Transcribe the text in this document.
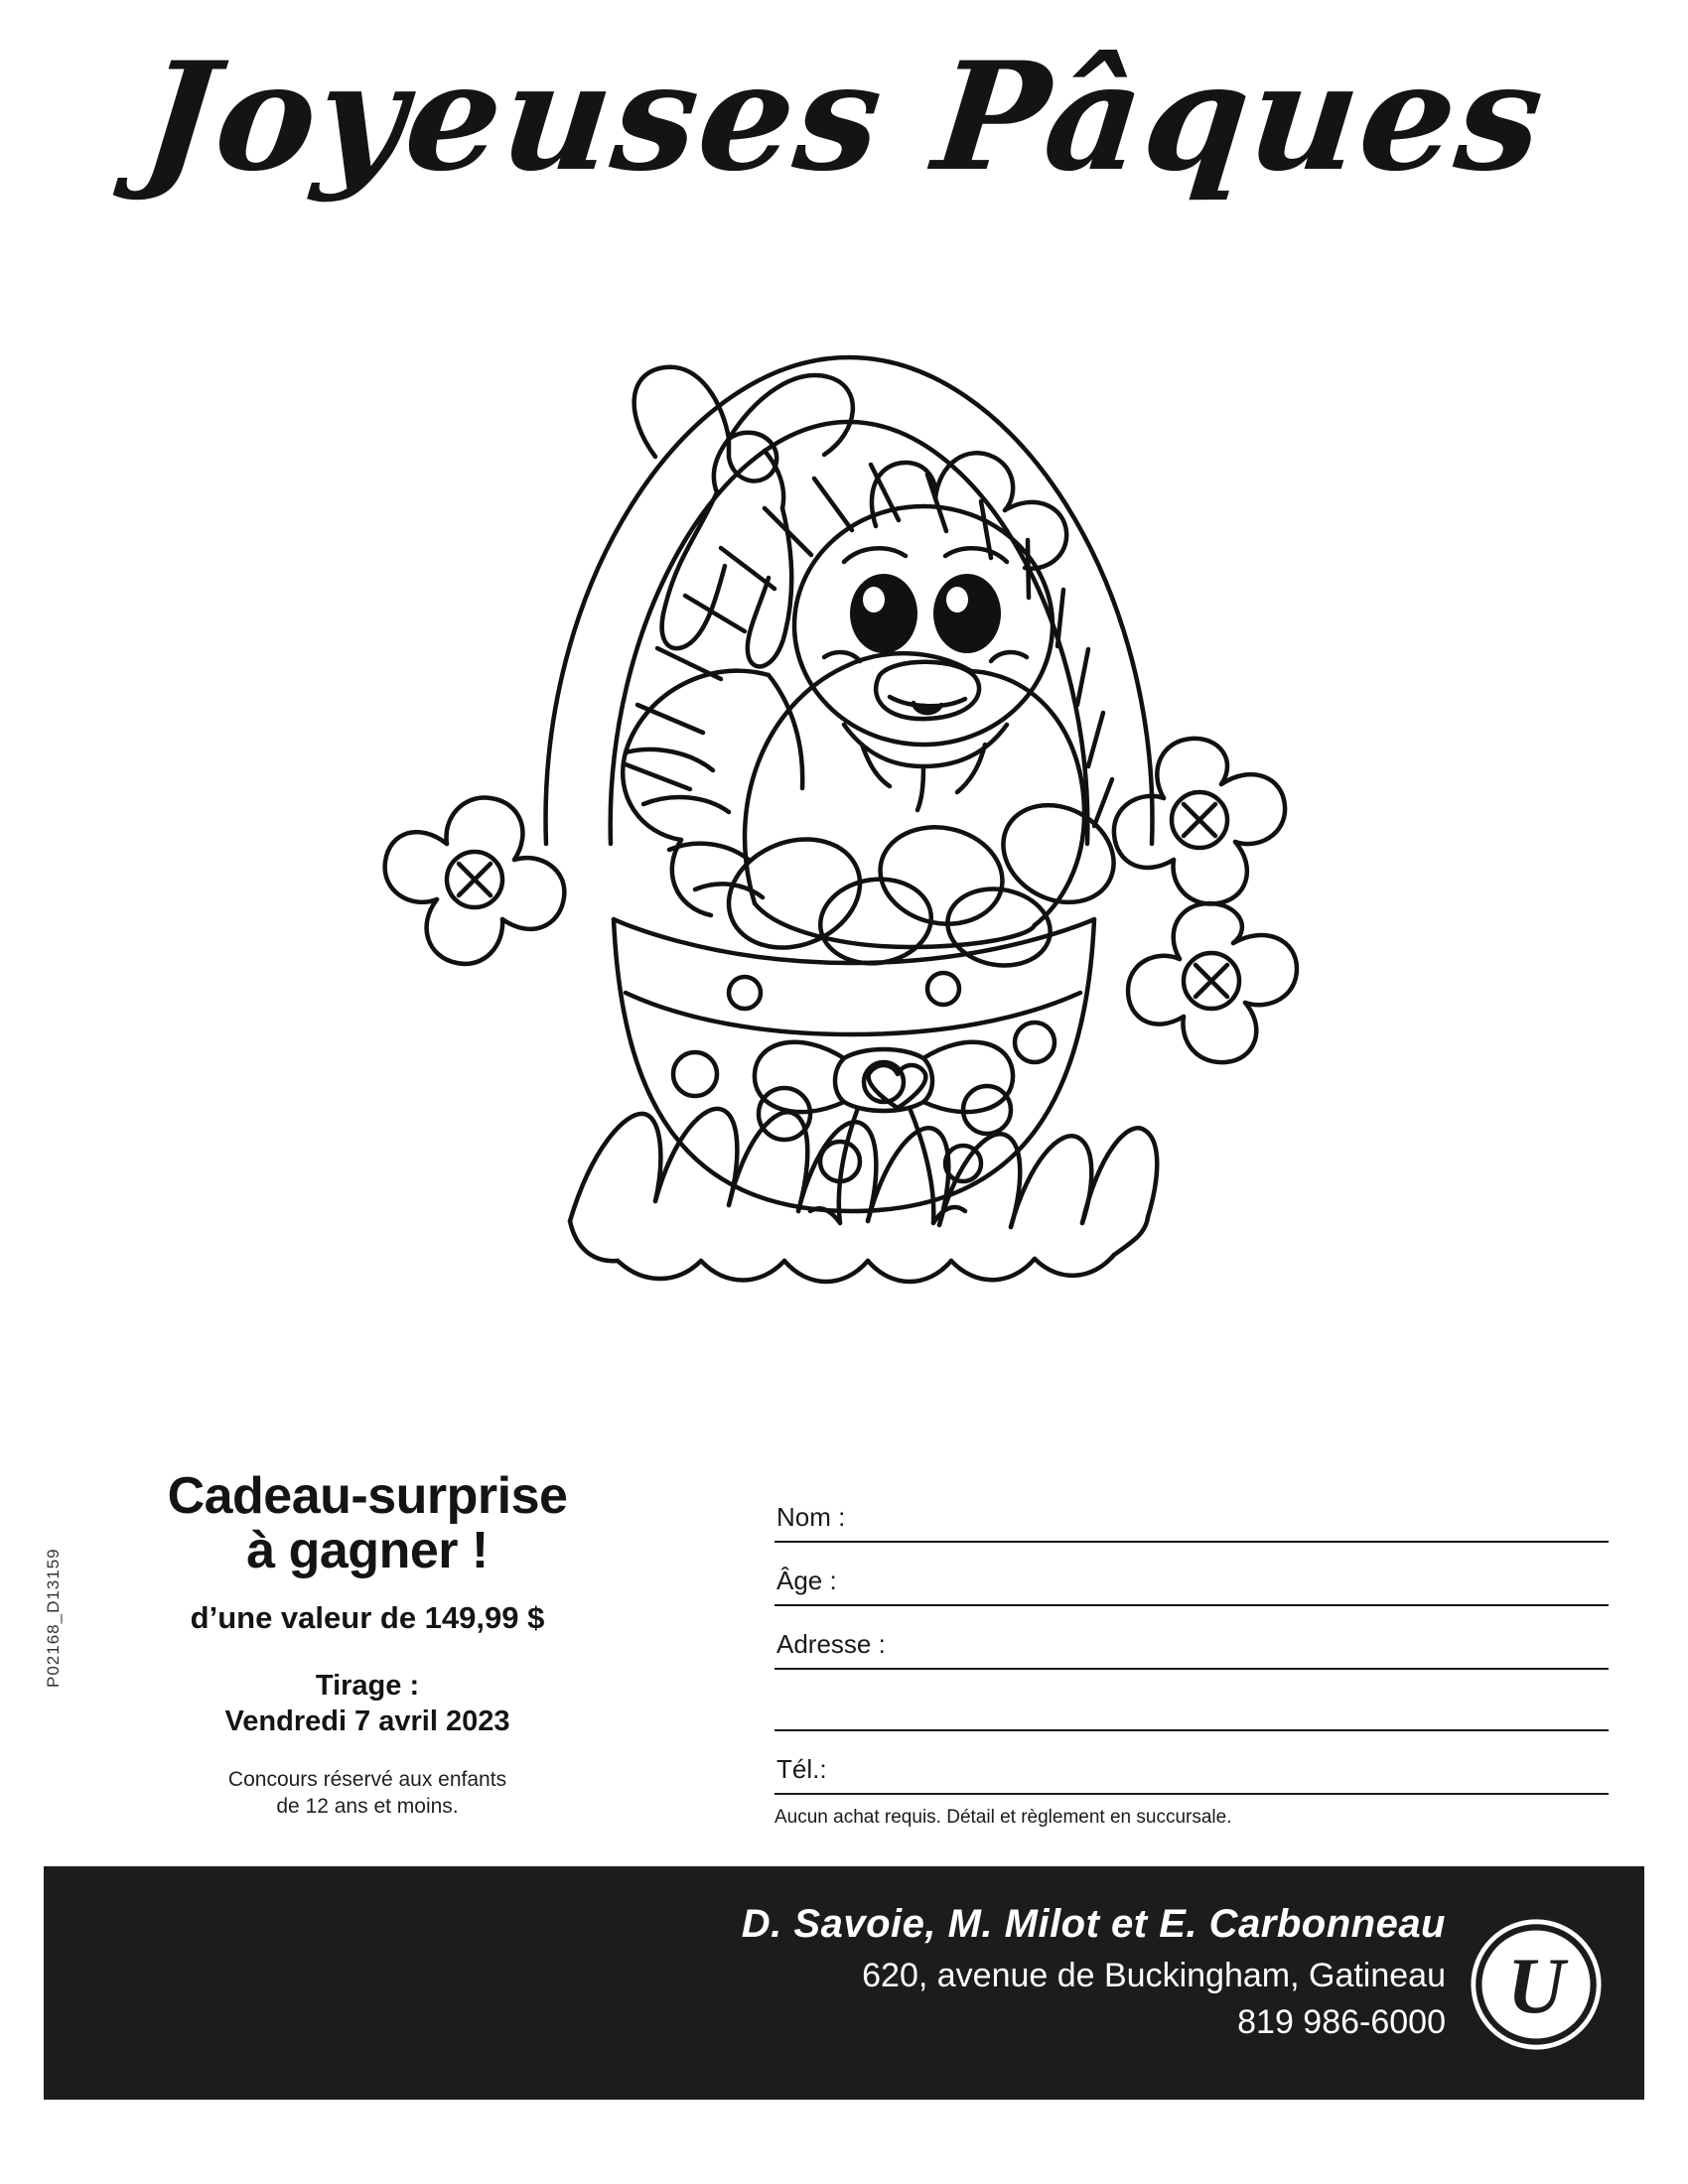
Joyeuses Pâques
Cadeau-surprise
à gagner !
d’une valeur de 149,99 $
Tirage :
Vendredi 7 avril 2023
Concours réservé aux enfants
de 12 ans et moins.
P02168_D13159
Nom :
Âge :
Adresse :
Tél.:
Aucun achat requis. Détail et règlement en succursale.
D. Savoie, M. Milot et E. Carbonneau
620, avenue de Buckingham, Gatineau
819 986-6000 U
